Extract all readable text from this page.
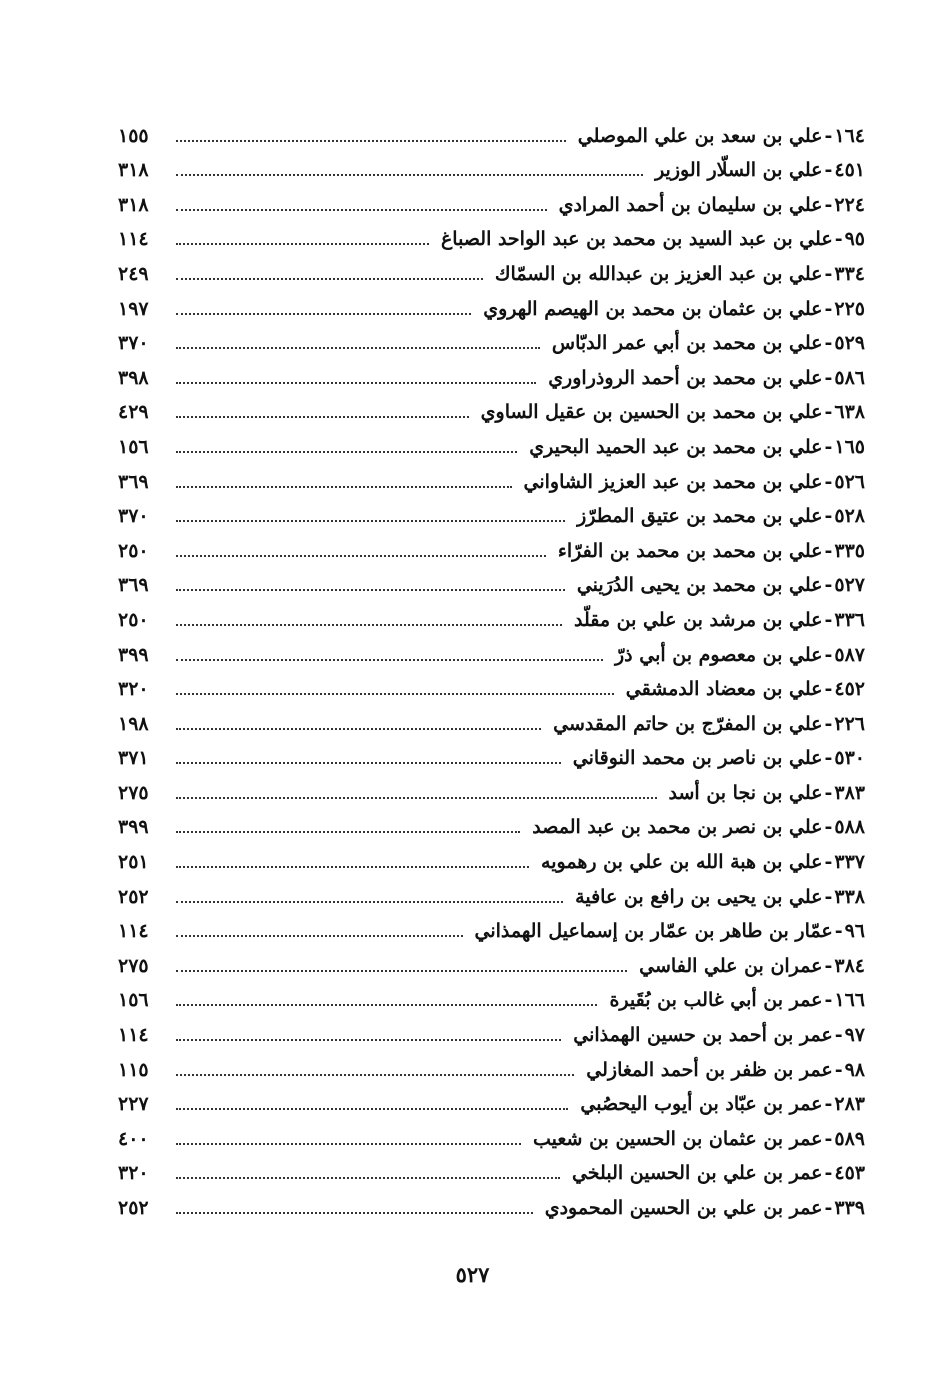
١٦٤
-
علي بن سعد بن علي الموصلي
١٥٥
٤٥١
-
علي بن السلّار الوزير
٣١٨
٢٢٤
-
علي بن سليمان بن أحمد المرادي
٣١٨
٩٥
-
علي بن عبد السيد بن محمد بن عبد الواحد الصباغ
١١٤
٣٣٤
-
علي بن عبد العزيز بن عبدالله بن السمّاك
٢٤٩
٢٢٥
-
علي بن عثمان بن محمد بن الهيصم الهروي
١٩٧
٥٢٩
-
علي بن محمد بن أبي عمر الدبّاس
٣٧٠
٥٨٦
-
علي بن محمد بن أحمد الروذراوري
٣٩٨
٦٣٨
-
علي بن محمد بن الحسين بن عقيل الساوي
٤٢٩
١٦٥
-
علي بن محمد بن عبد الحميد البحيري
١٥٦
٥٢٦
-
علي بن محمد بن عبد العزيز الشاواني
٣٦٩
٥٢٨
-
علي بن محمد بن عتيق المطرّز
٣٧٠
٣٣٥
-
علي بن محمد بن محمد بن الفرّاء
٢٥٠
٥٢٧
-
علي بن محمد بن يحيى الدُرَيني
٣٦٩
٣٣٦
-
علي بن مرشد بن علي بن مقلّد
٢٥٠
٥٨٧
-
علي بن معصوم بن أبي ذرّ
٣٩٩
٤٥٢
-
علي بن معضاد الدمشقي
٣٢٠
٢٢٦
-
علي بن المفرّج بن حاتم المقدسي
١٩٨
٥٣٠
-
علي بن ناصر بن محمد النوقاني
٣٧١
٣٨٣
-
علي بن نجا بن أسد
٢٧٥
٥٨٨
-
علي بن نصر بن محمد بن عبد المصد
٣٩٩
٣٣٧
-
علي بن هبة الله بن علي بن رهمويه
٢٥١
٣٣٨
-
علي بن يحيى بن رافع بن عافية
٢٥٢
٩٦
-
عمّار بن طاهر بن عمّار بن إسماعيل الهمذاني
١١٤
٣٨٤
-
عمران بن علي الفاسي
٢٧٥
١٦٦
-
عمر بن أبي غالب بن بُقَيرة
١٥٦
٩٧
-
عمر بن أحمد بن حسين الهمذاني
١١٤
٩٨
-
عمر بن ظفر بن أحمد المغازلي
١١٥
٢٨٣
-
عمر بن عبّاد بن أيوب اليحصُبي
٢٢٧
٥٨٩
-
عمر بن عثمان بن الحسين بن شعيب
٤٠٠
٤٥٣
-
عمر بن علي بن الحسين البلخي
٣٢٠
٣٣٩
-
عمر بن علي بن الحسين المحمودي
٢٥٢
٥٢٧
